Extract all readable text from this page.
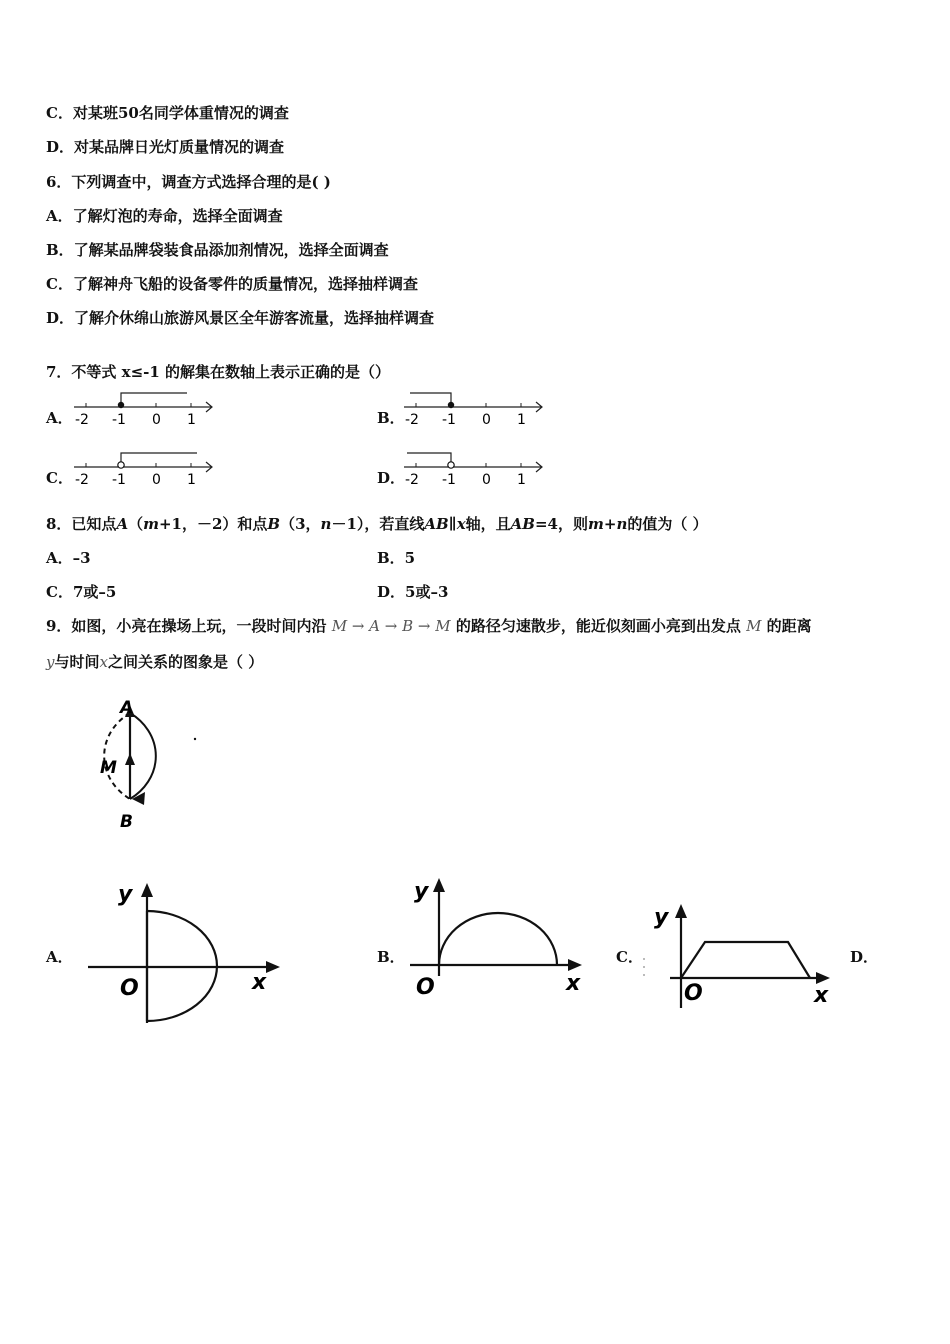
C．对某班50名同学体重情况的调查
D．对某品牌日光灯质量情况的调查
6．下列调查中，调查方式选择合理的是( )
A．了解灯泡的寿命，选择全面调查
B．了解某品牌袋装食品添加剂情况，选择全面调查
C．了解神舟飞船的设备零件的质量情况，选择抽样调查
D．了解介休绵山旅游风景区全年游客流量，选择抽样调查
7．不等式 x≤-1 的解集在数轴上表示正确的是（）
A． -2 -1 0 1	B． -2 -1 0 1
C． -2 -1 0 1	D． -2 -1 0 1
8．已知点A（m+1，－2）和点B（3，n－1），若直线AB∥x轴，且AB=4，则m+n的值为（ ）
A．–3	B．5
C．7或–5	D．5或–3
9．如图，小亮在操场上玩，一段时间内沿 M → A → B → M 的路径匀速散步，能近似刻画小亮到出发点 M 的距离
y与时间x之间关系的图象是（ ）
A
M
B
A．
y
x
O
B．
y
x
O
C．
y
x
O
D．
